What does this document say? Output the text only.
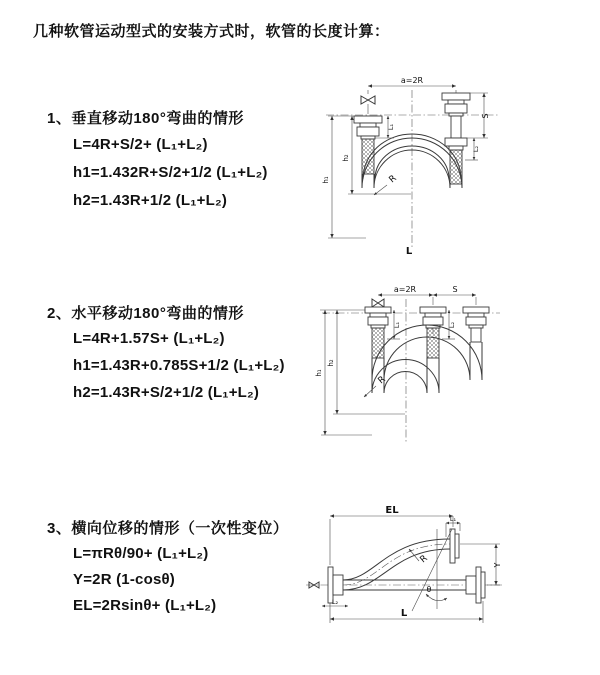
几种软管运动型式的安装方式时，软管的长度计算：
1、垂直移动180°弯曲的情形
L=4R+S/2+ (L₁+L₂)
h1=1.432R+S/2+1/2 (L₁+L₂)
h2=1.43R+1/2 (L₁+L₂)
a=2R
h₁
h₂
L₁
S
L₂
R
L
2、水平移动180°弯曲的情形
L=4R+1.57S+ (L₁+L₂)
h1=1.43R+0.785S+1/2 (L₁+L₂)
h2=1.43R+S/2+1/2 (L₁+L₂)
a=2R	S
h₁
h₂
L₁	L₂
R
3、横向位移的情形（一次性变位）
L=πRθ/90+ (L₁+L₂)
Y=2R (1-cosθ)
EL=2Rsinθ+ (L₁+L₂)
θ
EL
L₁
Y
L
L₂
R
